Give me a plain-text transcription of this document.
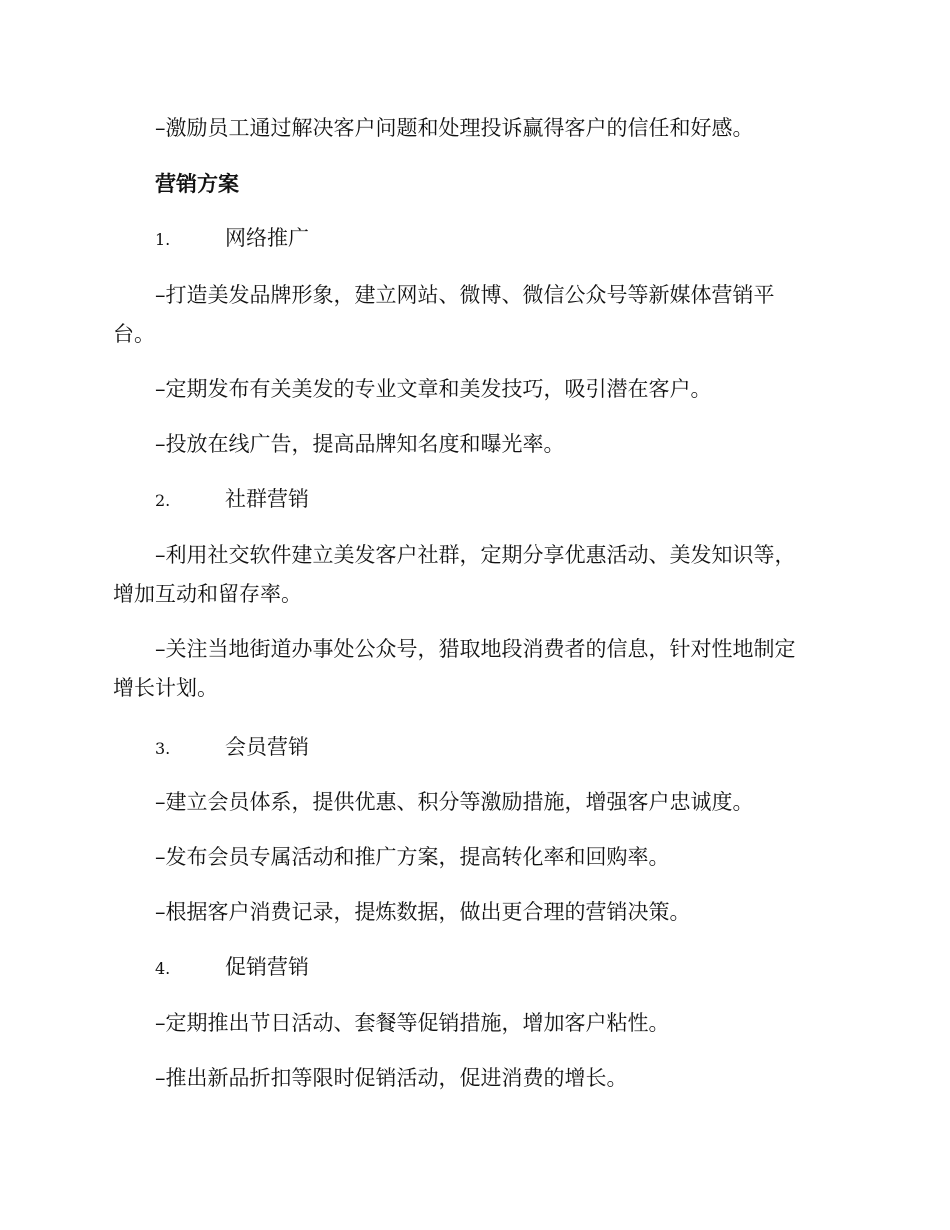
–激励员工通过解决客户问题和处理投诉赢得客户的信任和好感。
营销方案
1.	网络推广
–打造美发品牌形象，建立网站、微博、微信公众号等新媒体营销平
台。
–定期发布有关美发的专业文章和美发技巧，吸引潜在客户。
–投放在线广告，提高品牌知名度和曝光率。
2.	社群营销
–利用社交软件建立美发客户社群，定期分享优惠活动、美发知识等，
增加互动和留存率。
–关注当地街道办事处公众号，猎取地段消费者的信息，针对性地制定
增长计划。
3.	会员营销
–建立会员体系，提供优惠、积分等激励措施，增强客户忠诚度。
–发布会员专属活动和推广方案，提高转化率和回购率。
–根据客户消费记录，提炼数据，做出更合理的营销决策。
4.	促销营销
–定期推出节日活动、套餐等促销措施，增加客户粘性。
–推出新品折扣等限时促销活动，促进消费的增长。
